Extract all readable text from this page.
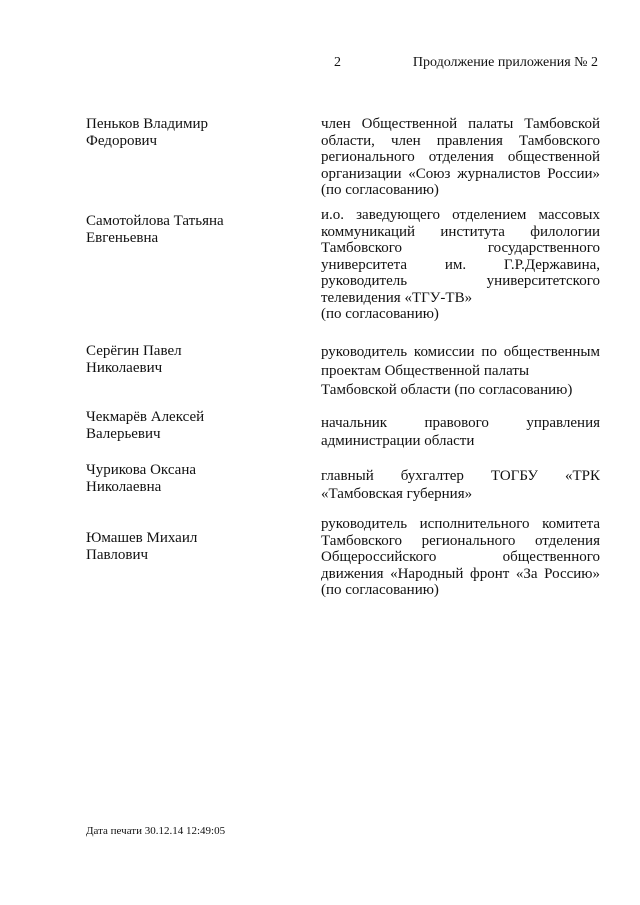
2	Продолжение приложения № 2
Пеньков Владимир
Федорович
член Общественной палаты Тамбовской
области, член правления Тамбовского
регионального отделения общественной
организации «Союз журналистов России»
(по согласованию)
Самотойлова Татьяна
Евгеньевна
и.о. заведующего отделением массовых
коммуникаций института филологии
Тамбовского государственного
университета им. Г.Р.Державина,
руководитель университетского
телевидения «ТГУ-ТВ»
(по согласованию)
Серёгин Павел
Николаевич
руководитель комиссии по общественным
проектам Общественной палаты
Тамбовской области (по согласованию)
Чекмарёв Алексей
Валерьевич
начальник правового управления
администрации области
Чурикова Оксана
Николаевна
главный бухгалтер ТОГБУ «ТРК
«Тамбовская губерния»
Юмашев Михаил
Павлович
руководитель исполнительного комитета
Тамбовского регионального отделения
Общероссийского общественного
движения «Народный фронт «За Россию»
(по согласованию)
Дата печати 30.12.14 12:49:05
